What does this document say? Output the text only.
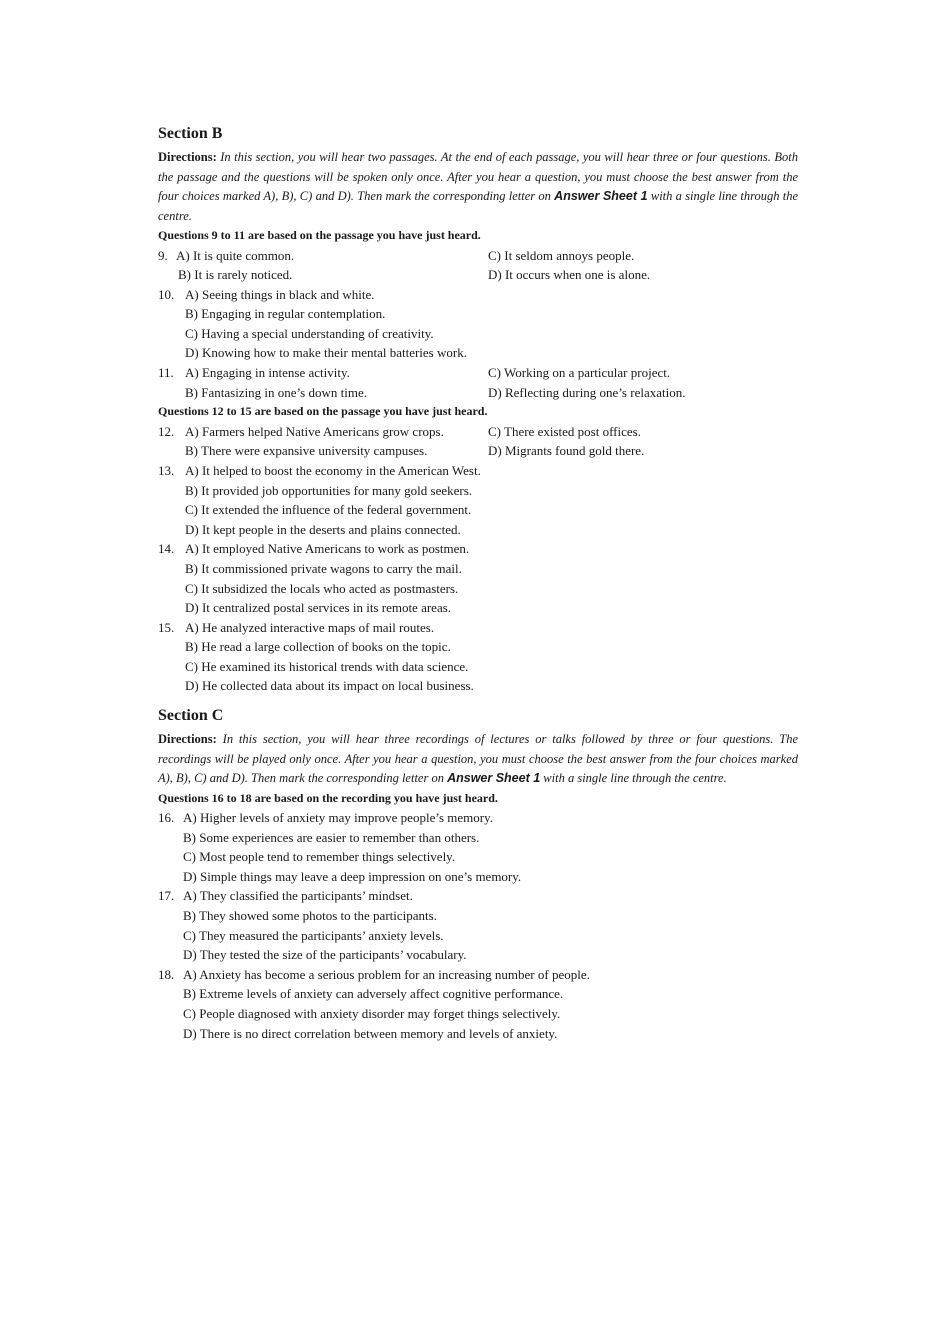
Section B
Directions: In this section, you will hear two passages. At the end of each passage, you will hear three or four questions. Both the passage and the questions will be spoken only once. After you hear a question, you must choose the best answer from the four choices marked A), B), C) and D). Then mark the corresponding letter on Answer Sheet 1 with a single line through the centre.
Questions 9 to 11 are based on the passage you have just heard.
9. A) It is quite common.	C) It seldom annoys people.
B) It is rarely noticed.	D) It occurs when one is alone.
10. A) Seeing things in black and white.
B) Engaging in regular contemplation.
C) Having a special understanding of creativity.
D) Knowing how to make their mental batteries work.
11. A) Engaging in intense activity.	C) Working on a particular project.
B) Fantasizing in one’s down time.	D) Reflecting during one’s relaxation.
Questions 12 to 15 are based on the passage you have just heard.
12. A) Farmers helped Native Americans grow crops.	C) There existed post offices.
B) There were expansive university campuses.	D) Migrants found gold there.
13. A) It helped to boost the economy in the American West.
B) It provided job opportunities for many gold seekers.
C) It extended the influence of the federal government.
D) It kept people in the deserts and plains connected.
14. A) It employed Native Americans to work as postmen.
B) It commissioned private wagons to carry the mail.
C) It subsidized the locals who acted as postmasters.
D) It centralized postal services in its remote areas.
15. A) He analyzed interactive maps of mail routes.
B) He read a large collection of books on the topic.
C) He examined its historical trends with data science.
D) He collected data about its impact on local business.
Section C
Directions: In this section, you will hear three recordings of lectures or talks followed by three or four questions. The recordings will be played only once. After you hear a question, you must choose the best answer from the four choices marked A), B), C) and D). Then mark the corresponding letter on Answer Sheet 1 with a single line through the centre.
Questions 16 to 18 are based on the recording you have just heard.
16. A) Higher levels of anxiety may improve people’s memory.
B) Some experiences are easier to remember than others.
C) Most people tend to remember things selectively.
D) Simple things may leave a deep impression on one’s memory.
17. A) They classified the participants’ mindset.
B) They showed some photos to the participants.
C) They measured the participants’ anxiety levels.
D) They tested the size of the participants’ vocabulary.
18. A) Anxiety has become a serious problem for an increasing number of people.
B) Extreme levels of anxiety can adversely affect cognitive performance.
C) People diagnosed with anxiety disorder may forget things selectively.
D) There is no direct correlation between memory and levels of anxiety.
